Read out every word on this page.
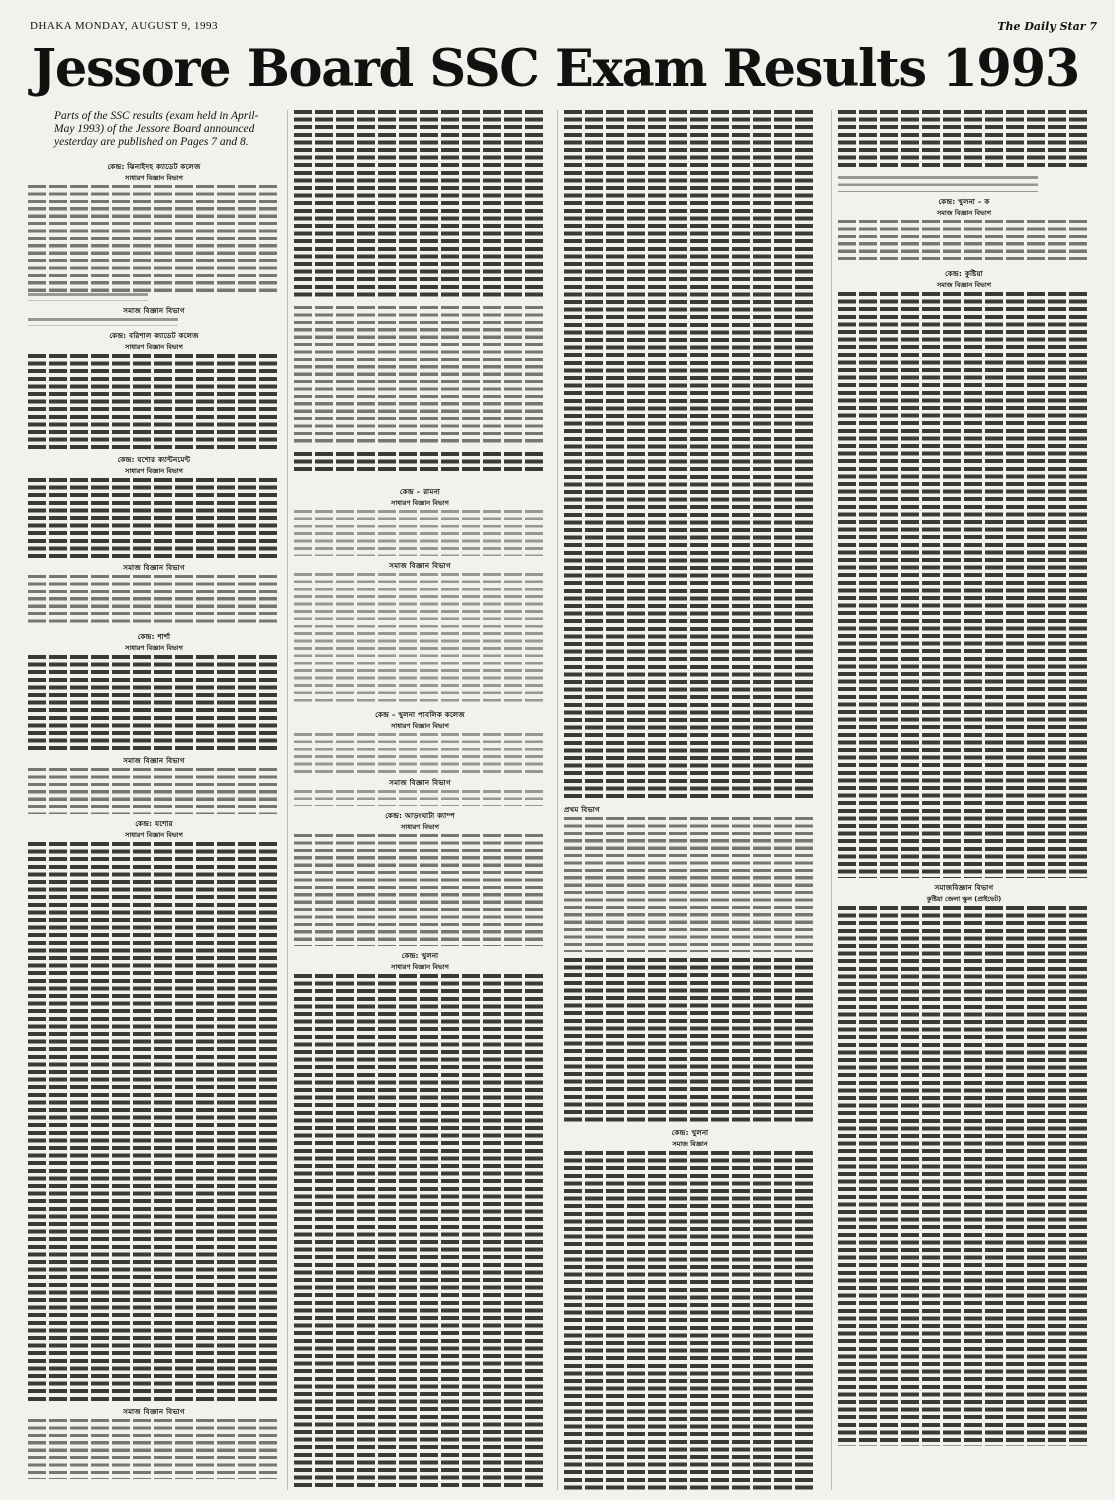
DHAKA MONDAY, AUGUST 9, 1993	The Daily Star 7
Jessore Board SSC Exam Results 1993
Parts of the SSC results (exam held in April-May 1993) of the Jessore Board announced yesterday are published on Pages 7 and 8.
কেন্দ্র: ঝিনাইদহ ক্যাডেট কলেজ
সাধারণ বিজ্ঞান বিভাগ
সমাজ বিজ্ঞান বিভাগ
কেন্দ্র: বরিশাল ক্যাডেট কলেজ
সাধারণ বিজ্ঞান বিভাগ
কেন্দ্র: যশোর ক্যান্টনমেন্ট
সাধারণ বিজ্ঞান বিভাগ
সমাজ বিজ্ঞান বিভাগ
কেন্দ্র: শার্শা
সাধারণ বিজ্ঞান বিভাগ
সমাজ বিজ্ঞান বিভাগ
কেন্দ্র: যশোর
সাধারণ বিজ্ঞান বিভাগ
সমাজ বিজ্ঞান বিভাগ
কেন্দ্র – রামনা
সাধারণ বিজ্ঞান বিভাগ
সমাজ বিজ্ঞান বিভাগ
কেন্দ্র – খুলনা পাবলিক কলেজ
সাধারণ বিজ্ঞান বিভাগ
সমাজ বিজ্ঞান বিভাগ
কেন্দ্র: আড়ংঘাটা ক্যাম্প
সাধারণ বিভাগ
কেন্দ্র: খুলনা
সাধারণ বিজ্ঞান বিভাগ
প্রথম বিভাগ
কেন্দ্র: খুলনা
সমাজ বিজ্ঞান
কেন্দ্র: খুলনা – ক
সমাজ বিজ্ঞান বিভাগ
কেন্দ্র: কুষ্টিয়া
সমাজ বিজ্ঞান বিভাগ
সমাজবিজ্ঞান বিভাগ
কুষ্টিয়া জেলা স্কুল (প্রাইভেট)
